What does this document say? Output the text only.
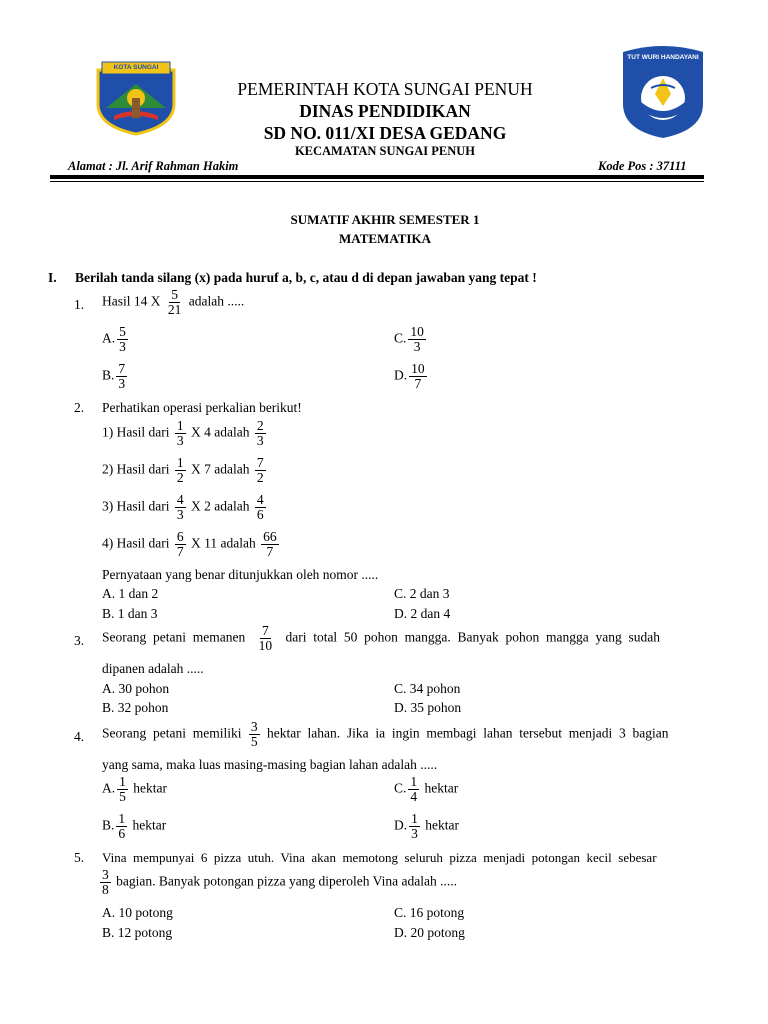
KOTA SUNGAI PENUH
TUT WURI HANDAYANI
PEMERINTAH KOTA SUNGAI PENUH
DINAS PENDIDIKAN
SD NO. 011/XI DESA GEDANG
KECAMATAN SUNGAI PENUH
Alamat : Jl. Arif Rahman Hakim	Kode Pos : 37111
SUMATIF AKHIR SEMESTER 1
MATEMATIKA
I. Berilah tanda silang (x) pada huruf a, b, c, atau d di depan jawaban yang tepat !
1. Hasil 14 X $\frac{5}{21}$ adalah .....
A. $\frac{5}{3}$	C. $\frac{10}{3}$
B. $\frac{7}{3}$	D. $\frac{10}{7}$
2. Perhatikan operasi perkalian berikut!
1) Hasil dari $\frac{1}{3}$ X 4 adalah $\frac{2}{3}$
2) Hasil dari $\frac{1}{2}$ X 7 adalah $\frac{7}{2}$
3) Hasil dari $\frac{4}{3}$ X 2 adalah $\frac{4}{6}$
4) Hasil dari $\frac{6}{7}$ X 11 adalah $\frac{66}{7}$
Pernyataan yang benar ditunjukkan oleh nomor .....
A. 1 dan 2	C. 2 dan 3
B. 1 dan 3	D. 2 dan 4
3. Seorang  petani  memanen $\frac{7}{10}$ dari  total  50  pohon  mangga.  Banyak  pohon  mangga  yang  sudah
dipanen adalah .....
A. 30 pohon	C. 34 pohon
B. 32 pohon	D. 35 pohon
4. Seorang  petani  memiliki $\frac{3}{5}$ hektar  lahan.  Jika  ia  ingin  membagi  lahan  tersebut  menjadi  3  bagian
yang sama, maka luas masing-masing bagian lahan adalah .....
A. $\frac{1}{5}$ hektar	C. $\frac{1}{4}$ hektar
B. $\frac{1}{6}$ hektar	D. $\frac{1}{3}$ hektar
5. Vina  mempunyai  6  pizza  utuh.  Vina  akan  memotong  seluruh  pizza  menjadi  potongan  kecil  sebesar
$\frac{3}{8}$ bagian. Banyak potongan pizza yang diperoleh Vina adalah .....
A. 10 potong	C. 16 potong
B. 12 potong	D. 20 potong
